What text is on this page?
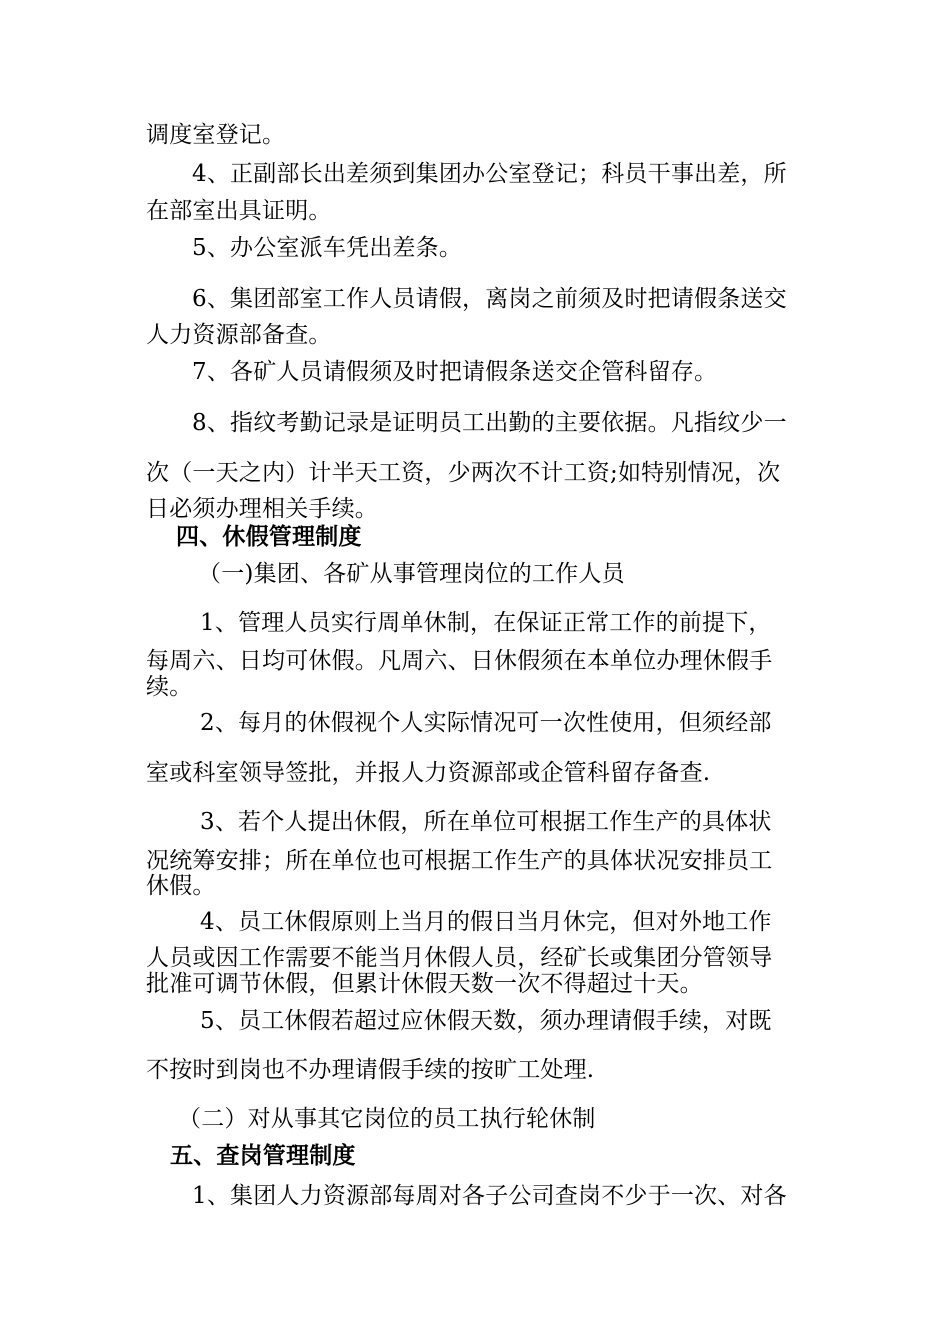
调度室登记。
4、正副部长出差须到集团办公室登记；科员干事出差，所
在部室出具证明。
5、办公室派车凭出差条。
6、集团部室工作人员请假，离岗之前须及时把请假条送交
人力资源部备查。
7、各矿人员请假须及时把请假条送交企管科留存。
8、指纹考勤记录是证明员工出勤的主要依据。凡指纹少一
次（一天之内）计半天工资，少两次不计工资;如特别情况，次
日必须办理相关手续。
四、休假管理制度
（一)集团、各矿从事管理岗位的工作人员
1、管理人员实行周单休制，在保证正常工作的前提下，
每周六、日均可休假。凡周六、日休假须在本单位办理休假手
续。
2、每月的休假视个人实际情况可一次性使用，但须经部
室或科室领导签批，并报人力资源部或企管科留存备查.
3、若个人提出休假，所在单位可根据工作生产的具体状
况统筹安排；所在单位也可根据工作生产的具体状况安排员工
休假。
4、员工休假原则上当月的假日当月休完，但对外地工作
人员或因工作需要不能当月休假人员，经矿长或集团分管领导
批准可调节休假，但累计休假天数一次不得超过十天。
5、员工休假若超过应休假天数，须办理请假手续，对既
不按时到岗也不办理请假手续的按旷工处理.
（二）对从事其它岗位的员工执行轮休制
五、查岗管理制度
1、集团人力资源部每周对各子公司查岗不少于一次、对各
